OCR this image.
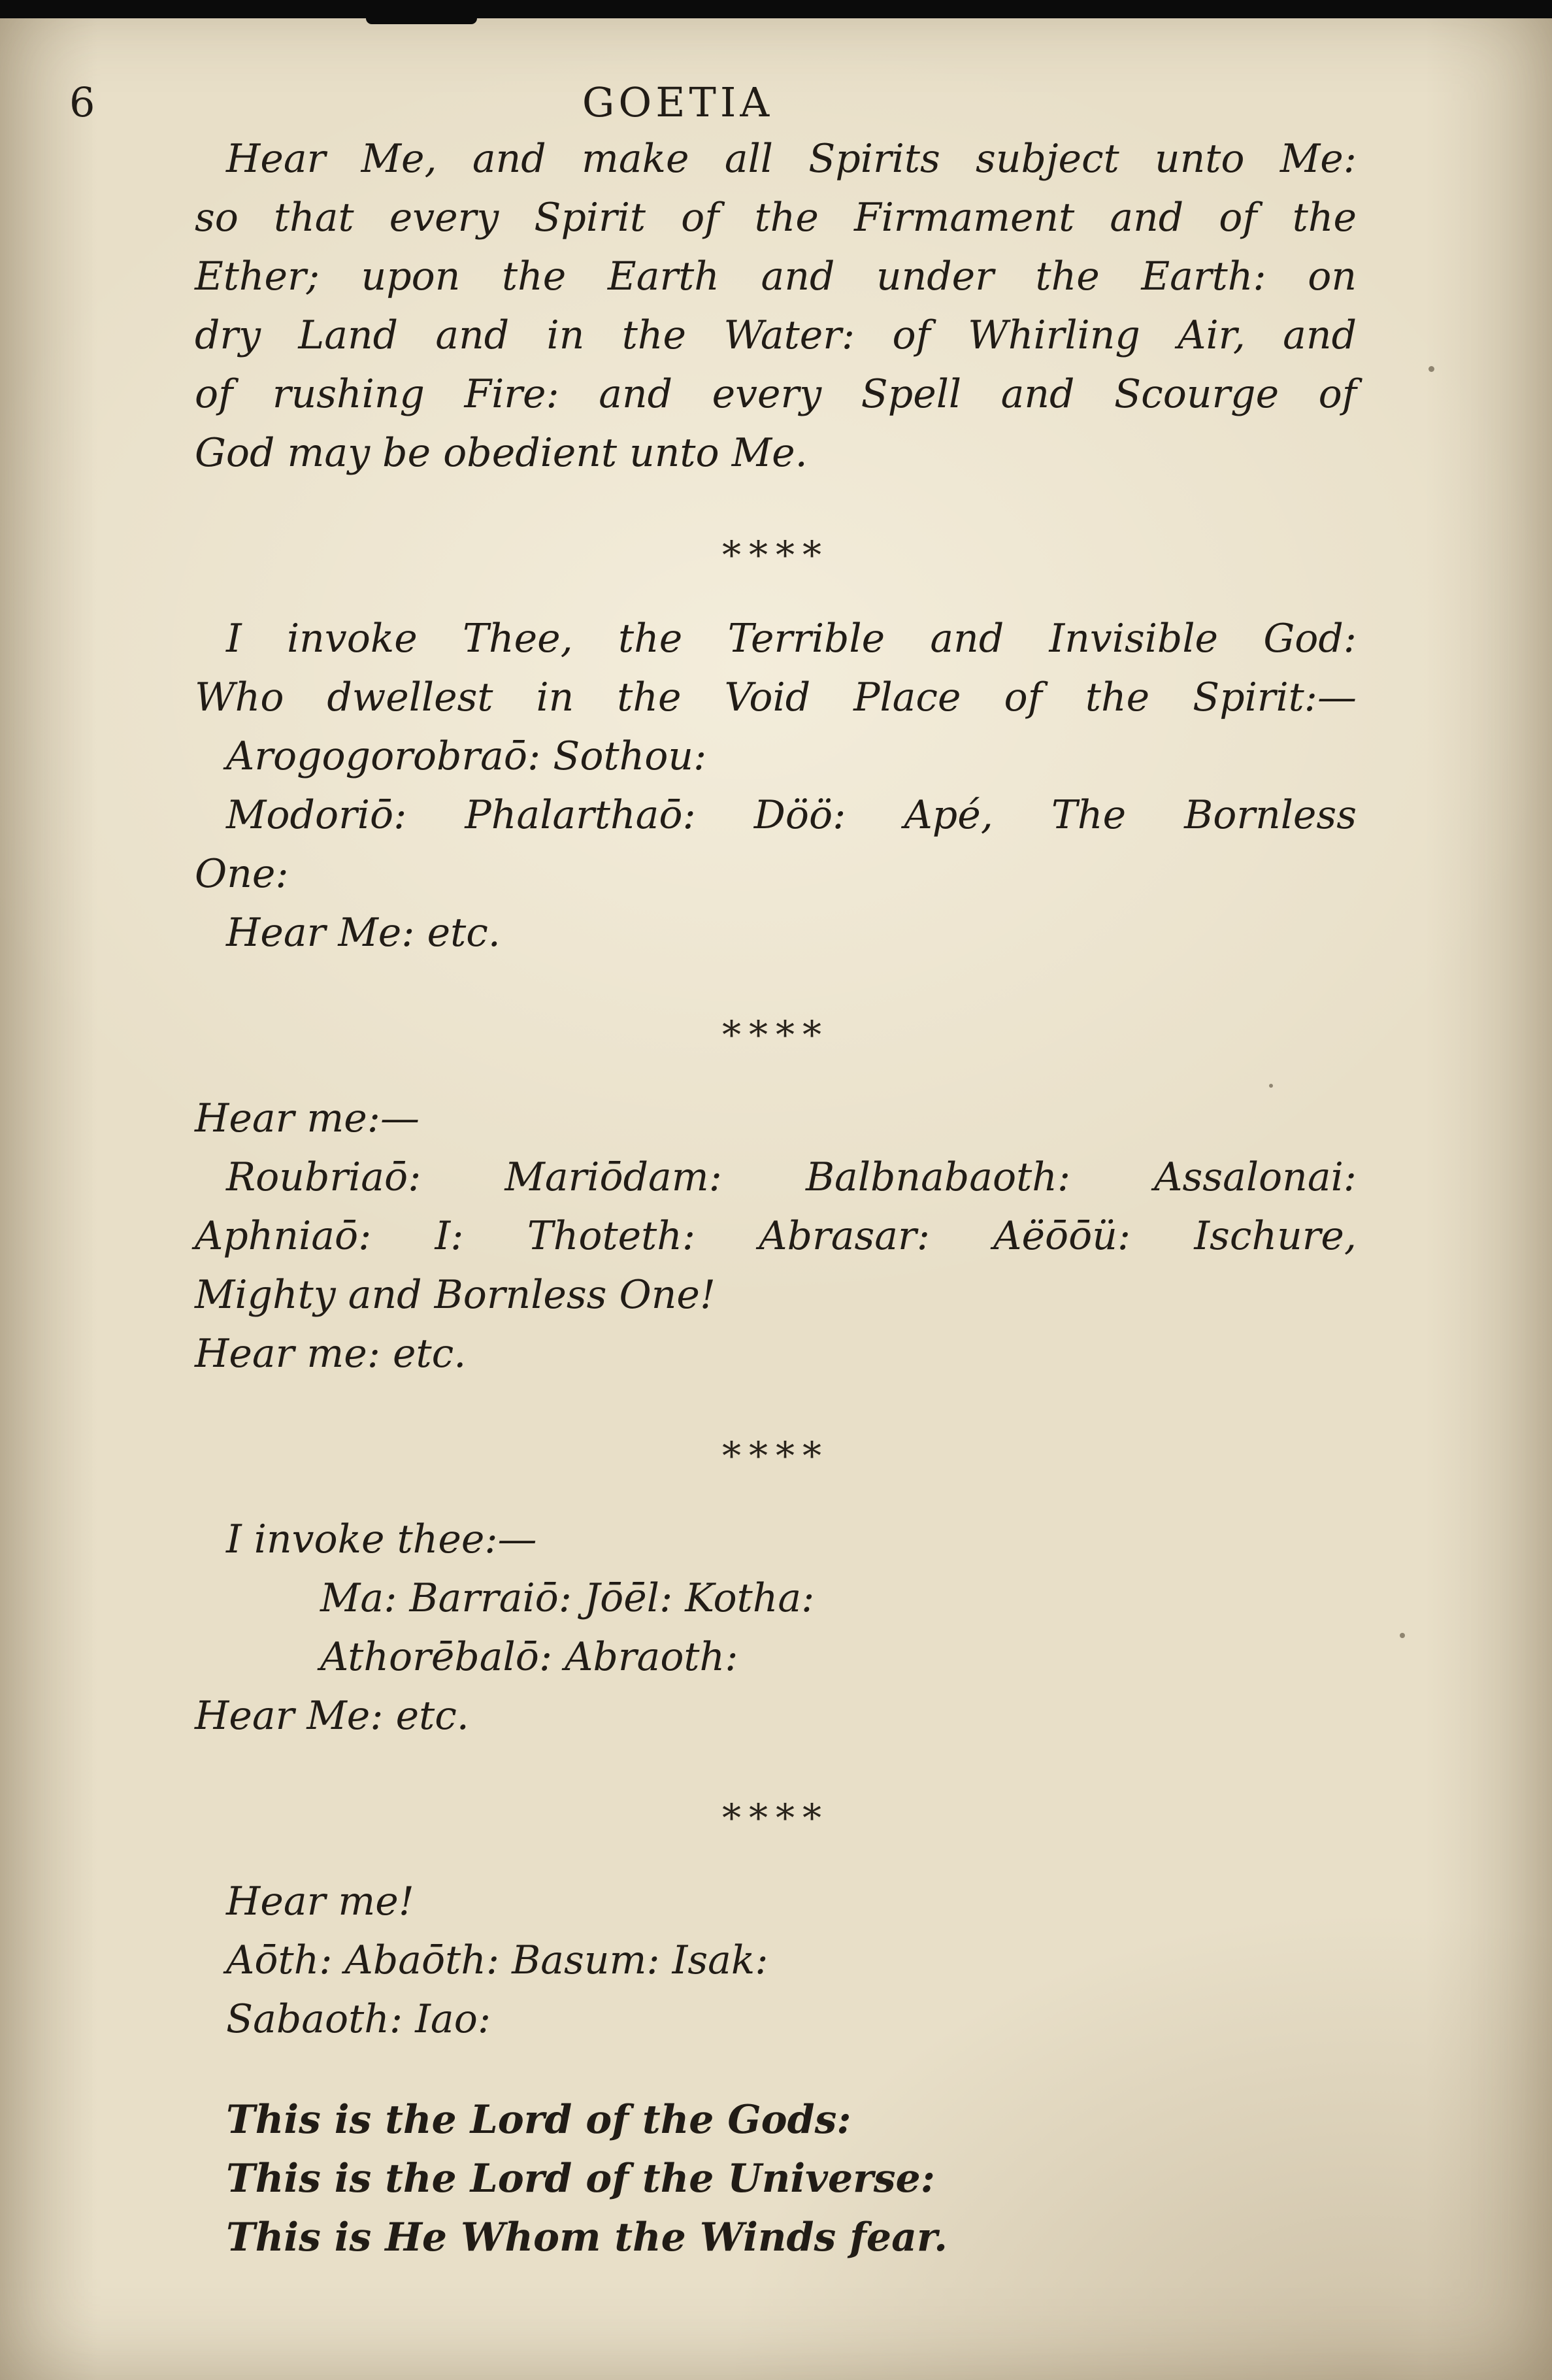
6	GOETIA
Hear Me, and make all Spirits subject unto Me:
so that every Spirit of the Firmament and of the
Ether; upon the Earth and under the Earth: on
dry Land and in the Water: of Whirling Air, and
of rushing Fire: and every Spell and Scourge of
God may be obedient unto Me.
****
I invoke Thee, the Terrible and Invisible God:
Who dwellest in the Void Place of the Spirit:—
Arogogorobraō: Sothou:
Modoriō: Phalarthaō: Döö: Apé, The Bornless
One:
Hear Me: etc.
****
Hear me:—
Roubriaō: Mariōdam: Balbnabaoth: Assalonai:
Aphniaō: I: Thoteth: Abrasar: Aëōōü: Ischure,
Mighty and Bornless One!
Hear me: etc.
****
I invoke thee:—
Ma: Barraiō: Jōēl: Kotha:
Athorēbalō: Abraoth:
Hear Me: etc.
****
Hear me!
Aōth: Abaōth: Basum: Isak:
Sabaoth: Iao:
This is the Lord of the Gods:
This is the Lord of the Universe:
This is He Whom the Winds fear.
